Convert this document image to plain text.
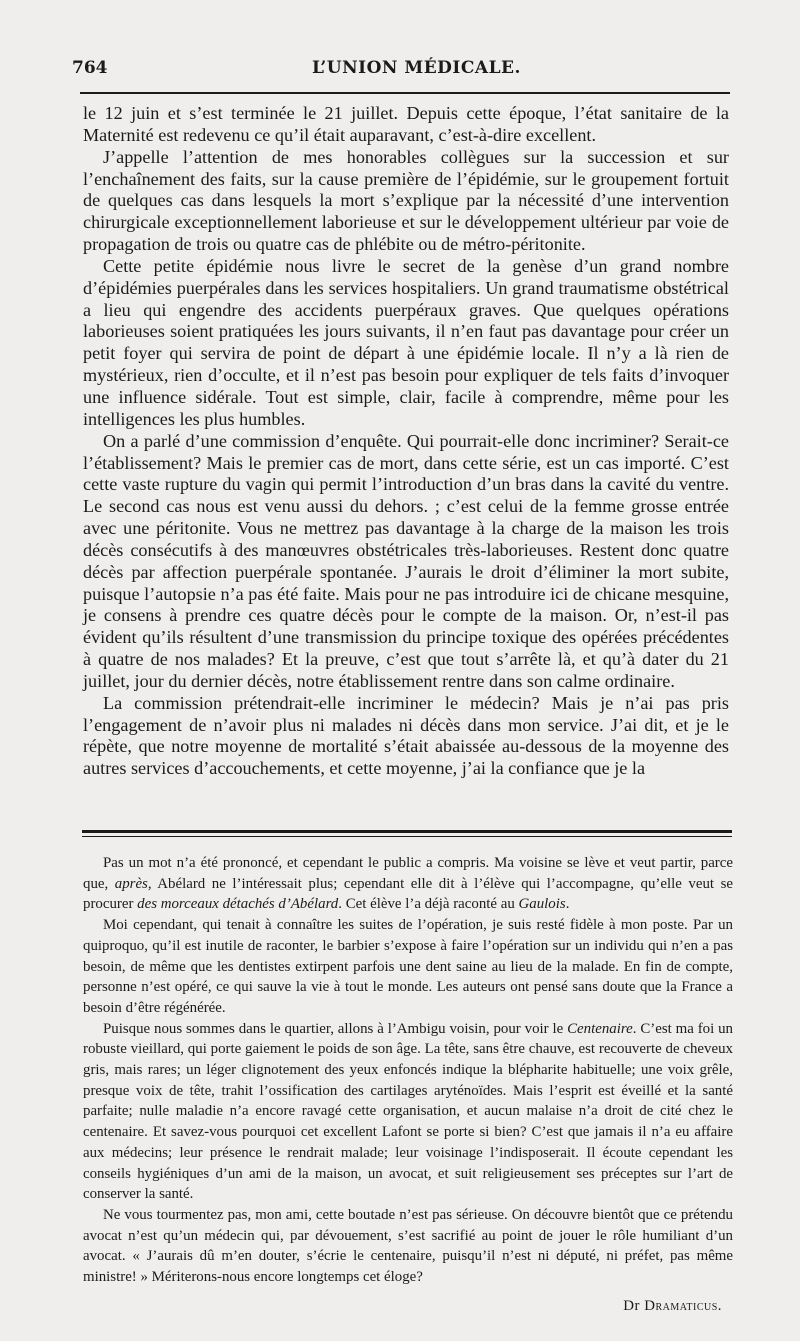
764	L’UNION MÉDICALE.

le 12 juin et s’est terminée le 21 juillet. Depuis cette époque, l’état sanitaire de la Maternité est redevenu ce qu’il était auparavant, c’est-à-dire excellent.

J’appelle l’attention de mes honorables collègues sur la succession et sur l’enchaînement des faits, sur la cause première de l’épidémie, sur le groupement fortuit de quelques cas dans lesquels la mort s’explique par la nécessité d’une intervention chirurgicale exceptionnellement laborieuse et sur le développement ultérieur par voie de propagation de trois ou quatre cas de phlébite ou de métro-péritonite.

Cette petite épidémie nous livre le secret de la genèse d’un grand nombre d’épidémies puerpérales dans les services hospitaliers. Un grand traumatisme obstétrical a lieu qui engendre des accidents puerpéraux graves. Que quelques opérations laborieuses soient pratiquées les jours suivants, il n’en faut pas davantage pour créer un petit foyer qui servira de point de départ à une épidémie locale. Il n’y a là rien de mystérieux, rien d’occulte, et il n’est pas besoin pour expliquer de tels faits d’invoquer une influence sidérale. Tout est simple, clair, facile à comprendre, même pour les intelligences les plus humbles.

On a parlé d’une commission d’enquête. Qui pourrait-elle donc incriminer? Serait-ce l’établissement? Mais le premier cas de mort, dans cette série, est un cas importé. C’est cette vaste rupture du vagin qui permit l’introduction d’un bras dans la cavité du ventre. Le second cas nous est venu aussi du dehors. ; c’est celui de la femme grosse entrée avec une péritonite. Vous ne mettrez pas davantage à la charge de la maison les trois décès consécutifs à des manœuvres obstétricales très-laborieuses. Restent donc quatre décès par affection puerpérale spontanée. J’aurais le droit d’éliminer la mort subite, puisque l’autopsie n’a pas été faite. Mais pour ne pas introduire ici de chicane mesquine, je consens à prendre ces quatre décès pour le compte de la maison. Or, n’est-il pas évident qu’ils résultent d’une transmission du principe toxique des opérées précédentes à quatre de nos malades? Et la preuve, c’est que tout s’arrête là, et qu’à dater du 21 juillet, jour du dernier décès, notre établissement rentre dans son calme ordinaire.

La commission prétendrait-elle incriminer le médecin? Mais je n’ai pas pris l’engagement de n’avoir plus ni malades ni décès dans mon service. J’ai dit, et je le répète, que notre moyenne de mortalité s’était abaissée au-dessous de la moyenne des autres services d’accouchements, et cette moyenne, j’ai la confiance que je la

Pas un mot n’a été prononcé, et cependant le public a compris. Ma voisine se lève et veut partir, parce que, après, Abélard ne l’intéressait plus; cependant elle dit à l’élève qui l’accompagne, qu’elle veut se procurer des morceaux détachés d’Abélard. Cet élève l’a déjà raconté au Gaulois.

Moi cependant, qui tenait à connaître les suites de l’opération, je suis resté fidèle à mon poste. Par un quiproquo, qu’il est inutile de raconter, le barbier s’expose à faire l’opération sur un individu qui n’en a pas besoin, de même que les dentistes extirpent parfois une dent saine au lieu de la malade. En fin de compte, personne n’est opéré, ce qui sauve la vie à tout le monde. Les auteurs ont pensé sans doute que la France a besoin d’être régénérée.

Puisque nous sommes dans le quartier, allons à l’Ambigu voisin, pour voir le Centenaire. C’est ma foi un robuste vieillard, qui porte gaiement le poids de son âge. La tête, sans être chauve, est recouverte de cheveux gris, mais rares; un léger clignotement des yeux enfoncés indique la blépharite habituelle; une voix grêle, presque voix de tête, trahit l’ossification des cartilages aryténoïdes. Mais l’esprit est éveillé et la santé parfaite; nulle maladie n’a encore ravagé cette organisation, et aucun malaise n’a droit de cité chez le centenaire. Et savez-vous pourquoi cet excellent Lafont se porte si bien? C’est que jamais il n’a eu affaire aux médecins; leur présence le rendrait malade; leur voisinage l’indisposerait. Il écoute cependant les conseils hygiéniques d’un ami de la maison, un avocat, et suit religieusement ses préceptes sur l’art de conserver la santé.

Ne vous tourmentez pas, mon ami, cette boutade n’est pas sérieuse. On découvre bientôt que ce prétendu avocat n’est qu’un médecin qui, par dévouement, s’est sacrifié au point de jouer le rôle humiliant d’un avocat. « J’aurais dû m’en douter, s’écrie le centenaire, puisqu’il n’est ni député, ni préfet, pas même ministre! » Mériterons-nous encore longtemps cet éloge?

Dr Dramaticus.
